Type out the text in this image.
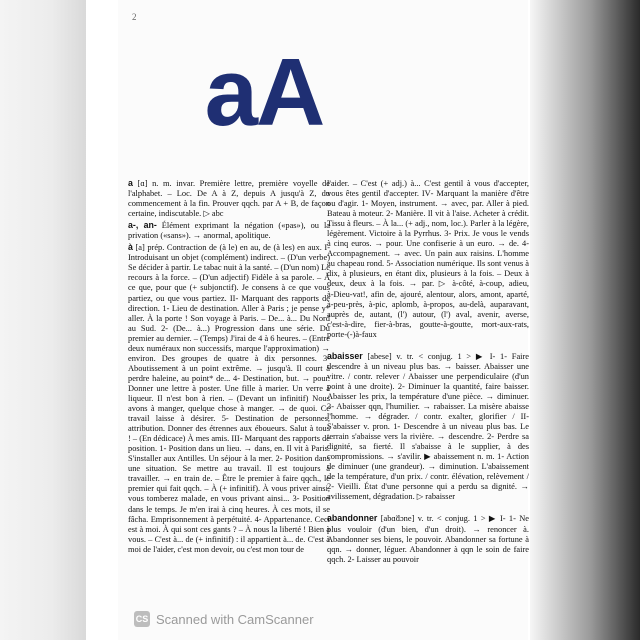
2
aA

a [ɑ] n. m. invar. Première lettre, première voyelle de l'alphabet. ‒ Loc. De A à Z, depuis A jusqu'à Z, du commencement à la fin. Prouver qqch. par A + B, de façon certaine, indiscutable. ▷ abc

a-, an- Élément exprimant la négation («pas»), ou la privation («sans»). → anormal, apolitique.

à [a] prép. Contraction de (à le) en au, de (à les) en aux. I‑ Introduisant un objet (complément) indirect. ‒ (D'un verbe) Se décider à partir. Le tabac nuit à la santé. ‒ (D'un nom) Le recours à la force. ‒ (D'un adjectif) Fidèle à sa parole. ‒ À ce que, pour que (+ subjonctif). Je consens à ce que vous partiez, ou que vous partiez. II‑ Marquant des rapports de direction. 1‑ Lieu de destination. Aller à Paris ; je pense y* aller. À la porte ! Son voyage à Paris. ‒ De... à... Du Nord au Sud. 2‑ (De... à...) Progression dans une série. Du premier au dernier. ‒ (Temps) J'irai de 4 à 6 heures. ‒ (Entre deux numéraux non successifs, marque l'approximation) → environ. Des groupes de quatre à dix personnes. 3‑ Aboutissement à un point extrême. → jusqu'à. Il court à perdre haleine, au point* de... 4‑ Destination, but. → pour. Donner une lettre à poster. Une fille à marier. Un verre à liqueur. Il n'est bon à rien. ‒ (Devant un infinitif) Nous avons à manger, quelque chose à manger. → de quoi. Ce travail laisse à désirer. 5‑ Destination de personnes, attribution. Donner des étrennes aux éboueurs. Salut à tous ! ‒ (En dédicace) À mes amis. III‑ Marquant des rapports de position. 1‑ Position dans un lieu. → dans, en. Il vit à Paris. S'installer aux Antilles. Un séjour à la mer. 2‑ Position dans une situation. Se mettre au travail. Il est toujours à travailler. → en train de. ‒ Être le premier à faire qqch., le premier qui fait qqch. ‒ À (+ infinitif). À vous priver ainsi, vous tomberez malade, en vous privant ainsi... 3‑ Position dans le temps. Je m'en irai à cinq heures. À ces mots, il se fâcha. Emprisonnement à perpétuité. 4‑ Appartenance. Ceci est à moi. À qui sont ces gants ? ‒ À nous la liberté ! Bien à vous. ‒ C'est à... de (+ infinitif) : il appartient à... de. C'est à moi de l'aider, c'est mon devoir, ou c'est mon tour de

l'aider. ‒ C'est (+ adj.) à... C'est gentil à vous d'accepter, vous êtes gentil d'accepter. IV‑ Marquant la manière d'être ou d'agir. 1‑ Moyen, instrument. → avec, par. Aller à pied. Bateau à moteur. 2‑ Manière. Il vit à l'aise. Acheter à crédit. Tissu à fleurs. ‒ À la... (+ adj., nom, loc.). Parler à la légère, légèrement. Victoire à la Pyrrhus. 3‑ Prix. Je vous le vends à cinq euros. → pour. Une confiserie à un euro. → de. 4‑ Accompagnement. → avec. Un pain aux raisins. L'homme au chapeau rond. 5‑ Association numérique. Ils sont venus à dix, à plusieurs, en étant dix, plusieurs à la fois. ‒ Deux à deux, deux à la fois. → par. ▷ à‑côté, à‑coup, adieu, à‑Dieu‑vat!, afin de, ajouré, alentour, alors, amont, aparté, à‑peu‑près, à‑pic, aplomb, à‑propos, au‑delà, auparavant, auprès de, autant, (l') autour, (l') aval, avenir, averse, c'est‑à‑dire, fier‑à‑bras, goutte‑à‑goutte, mort‑aux‑rats, porte‑(-)à‑faux

abaisser [abese] v. tr. < conjug. 1 > ▶ I‑ 1‑ Faire descendre à un niveau plus bas. → baisser. Abaisser une vitre. / contr. relever / Abaisser une perpendiculaire (d'un point à une droite). 2‑ Diminuer la quantité, faire baisser. Abaisser les prix, la température d'une pièce. → diminuer. 3‑ Abaisser qqn, l'humilier. → rabaisser. La misère abaisse l'homme. → dégrader. / contr. exalter, glorifier / II‑ S'abaisser v. pron. 1‑ Descendre à un niveau plus bas. Le terrain s'abaisse vers la rivière. → descendre. 2‑ Perdre sa dignité, sa fierté. Il s'abaisse à le supplier, à des compromissions. → s'avilir. ▶ abaissement n. m. 1‑ Action de diminuer (une grandeur). → diminution. L'abaissement de la température, d'un prix. / contr. élévation, relèvement / 2‑ Vieilli. État d'une personne qui a perdu sa dignité. → avilissement, dégradation. ▷ rabaisser

abandonner [abɑ̃dɔne] v. tr. < conjug. 1 > ▶ I‑ 1‑ Ne plus vouloir (d'un bien, d'un droit). → renoncer à. Abandonner ses biens, le pouvoir. Abandonner sa fortune à qqn. → donner, léguer. Abandonner à qqn le soin de faire qqch. 2‑ Laisser au pouvoir

CS Scanned with CamScanner
